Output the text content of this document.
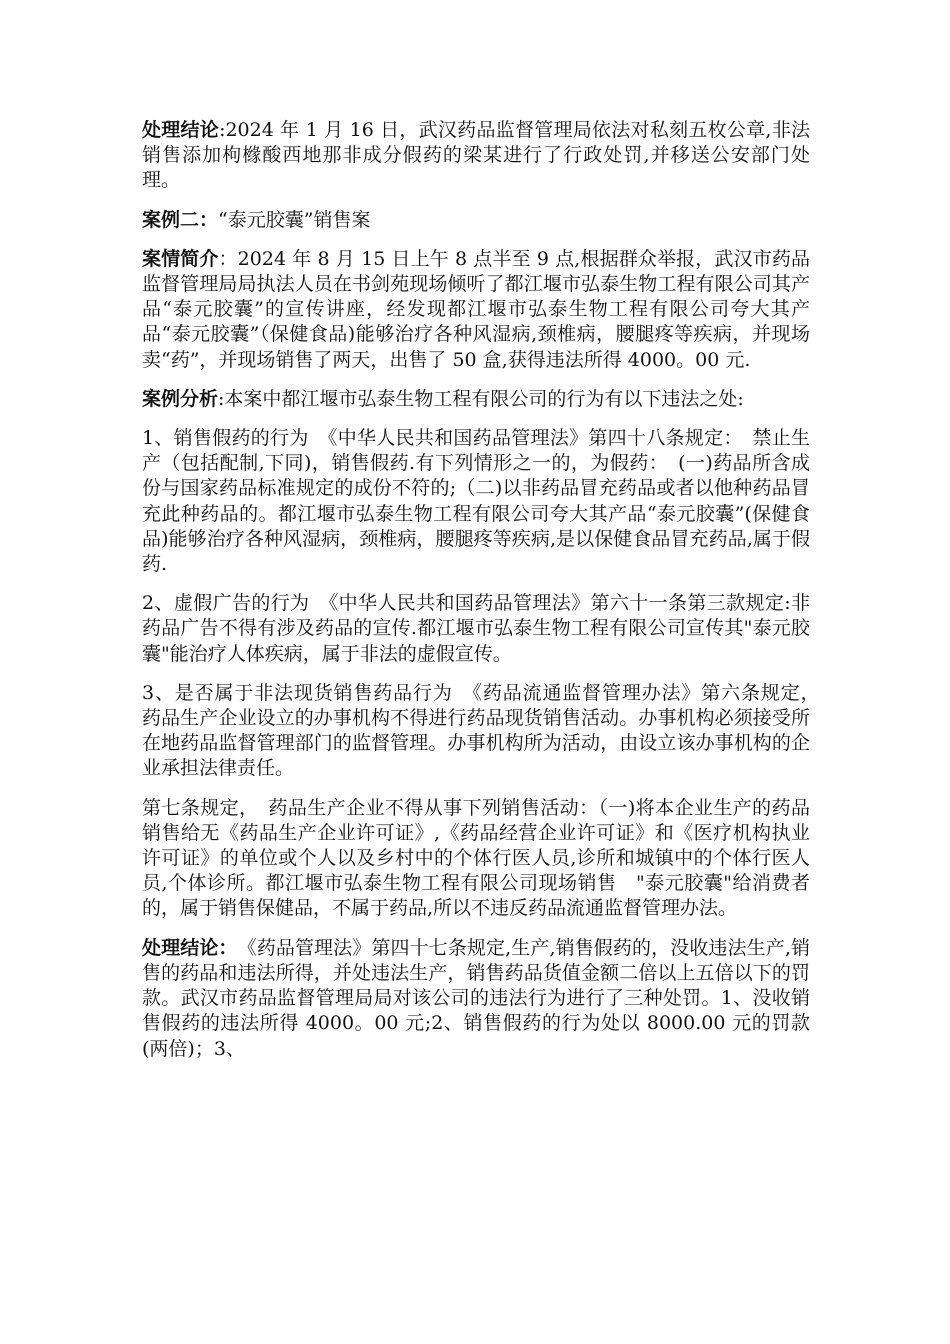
处理结论:2024 年 1 月 16 日，武汉药品监督管理局依法对私刻五枚公章,非法销售添加枸橼酸西地那非成分假药的梁某进行了行政处罚,并移送公安部门处理。

案例二：“泰元胶囊”销售案

案情简介：2024 年 8 月 15 日上午 8 点半至 9 点,根据群众举报，武汉市药品监督管理局局执法人员在书剑苑现场倾听了都江堰市弘泰生物工程有限公司其产品“泰元胶囊”的宣传讲座，经发现都江堰市弘泰生物工程有限公司夸大其产品“泰元胶囊”（保健食品)能够治疗各种风湿病,颈椎病，腰腿疼等疾病，并现场卖“药”，并现场销售了两天，出售了 50 盒,获得违法所得 4000。00 元.

案例分析:本案中都江堰市弘泰生物工程有限公司的行为有以下违法之处:

1、销售假药的行为　《中华人民共和国药品管理法》第四十八条规定：　禁止生产（包括配制,下同)，销售假药.有下列情形之一的，为假药：　(一)药品所含成份与国家药品标准规定的成份不符的;（二)以非药品冒充药品或者以他种药品冒充此种药品的。都江堰市弘泰生物工程有限公司夸大其产品“泰元胶囊”(保健食品)能够治疗各种风湿病，颈椎病，腰腿疼等疾病,是以保健食品冒充药品,属于假药.

2、虚假广告的行为　《中华人民共和国药品管理法》第六十一条第三款规定:非药品广告不得有涉及药品的宣传.都江堰市弘泰生物工程有限公司宣传其"泰元胶囊"能治疗人体疾病，属于非法的虚假宣传。

3、是否属于非法现货销售药品行为　《药品流通监督管理办法》第六条规定，　药品生产企业设立的办事机构不得进行药品现货销售活动。办事机构必须接受所在地药品监督管理部门的监督管理。办事机构所为活动，由设立该办事机构的企业承担法律责任。

第七条规定，　药品生产企业不得从事下列销售活动：（一)将本企业生产的药品销售给无《药品生产企业许可证》,《药品经营企业许可证》和《医疗机构执业许可证》的单位或个人以及乡村中的个体行医人员,诊所和城镇中的个体行医人员,个体诊所。都江堰市弘泰生物工程有限公司现场销售　"泰元胶囊"给消费者的，属于销售保健品，不属于药品,所以不违反药品流通监督管理办法。

处理结论：　《药品管理法》第四十七条规定,生产,销售假药的，没收违法生产,销售的药品和违法所得，并处违法生产，销售药品货值金额二倍以上五倍以下的罚款。武汉市药品监督管理局局对该公司的违法行为进行了三种处罚。1、没收销售假药的违法所得 4000。00 元;2、销售假药的行为处以 8000.00 元的罚款(两倍)；3、
